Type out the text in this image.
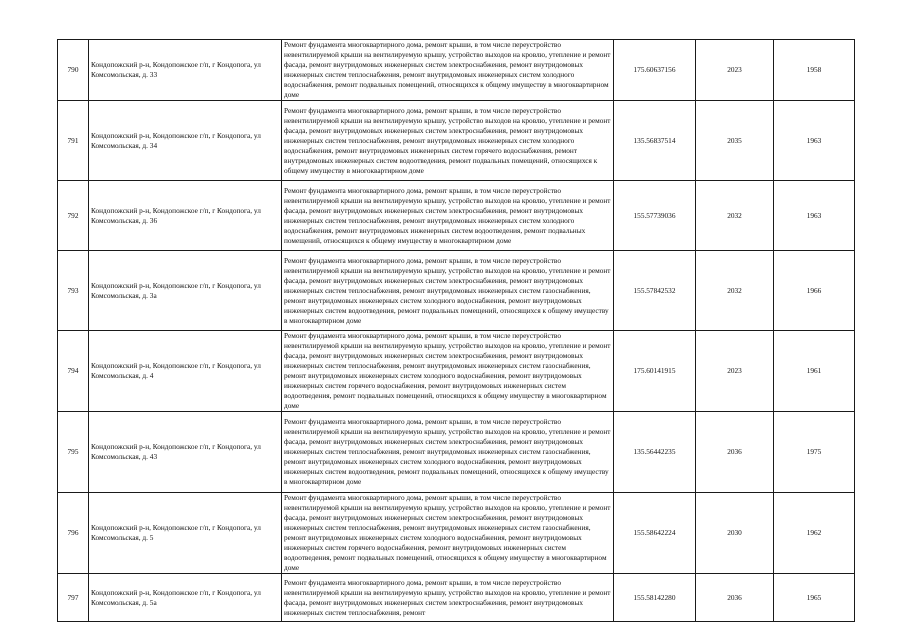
790	Кондопожский р-н, Кондопожское г/п, г Кондопога, ул Комсомольская, д. 33	Ремонт фундамента многоквартирного дома, ремонт крыши, в том числе переустройство невентилируемой крыши на вентилируемую крышу, устройство выходов на кровлю, утепление и ремонт фасада, ремонт внутридомовых инженерных систем электроснабжения, ремонт внутридомовых инженерных систем теплоснабжения, ремонт внутридомовых инженерных систем холодного водоснабжения, ремонт подвальных помещений, относящихся к общему имуществу в многоквартирном доме	175.60637156	2023	1958
791	Кондопожский р-н, Кондопожское г/п, г Кондопога, ул Комсомольская, д. 34	Ремонт фундамента многоквартирного дома, ремонт крыши, в том числе переустройство невентилируемой крыши на вентилируемую крышу, устройство выходов на кровлю, утепление и ремонт фасада, ремонт внутридомовых инженерных систем электроснабжения, ремонт внутридомовых инженерных систем теплоснабжения, ремонт внутридомовых инженерных систем холодного водоснабжения, ремонт внутридомовых инженерных систем горячего водоснабжения, ремонт внутридомовых инженерных систем водоотведения, ремонт подвальных помещений, относящихся к общему имуществу в многоквартирном доме	135.56837514	2035	1963
792	Кондопожский р-н, Кондопожское г/п, г Кондопога, ул Комсомольская, д. 36	Ремонт фундамента многоквартирного дома, ремонт крыши, в том числе переустройство невентилируемой крыши на вентилируемую крышу, устройство выходов на кровлю, утепление и ремонт фасада, ремонт внутридомовых инженерных систем электроснабжения, ремонт внутридомовых инженерных систем теплоснабжения, ремонт внутридомовых инженерных систем холодного водоснабжения, ремонт внутридомовых инженерных систем водоотведения, ремонт подвальных помещений, относящихся к общему имуществу в многоквартирном доме	155.57739036	2032	1963
793	Кондопожский р-н, Кондопожское г/п, г Кондопога, ул Комсомольская, д. 3а	Ремонт фундамента многоквартирного дома, ремонт крыши, в том числе переустройство невентилируемой крыши на вентилируемую крышу, устройство выходов на кровлю, утепление и ремонт фасада, ремонт внутридомовых инженерных систем электроснабжения, ремонт внутридомовых инженерных систем теплоснабжения, ремонт внутридомовых инженерных систем газоснабжения, ремонт внутридомовых инженерных систем холодного водоснабжения, ремонт внутридомовых инженерных систем водоотведения, ремонт подвальных помещений, относящихся к общему имуществу в многоквартирном доме	155.57842532	2032	1966
794	Кондопожский р-н, Кондопожское г/п, г Кондопога, ул Комсомольская, д. 4	Ремонт фундамента многоквартирного дома, ремонт крыши, в том числе переустройство невентилируемой крыши на вентилируемую крышу, устройство выходов на кровлю, утепление и ремонт фасада, ремонт внутридомовых инженерных систем электроснабжения, ремонт внутридомовых инженерных систем теплоснабжения, ремонт внутридомовых инженерных систем газоснабжения, ремонт внутридомовых инженерных систем холодного водоснабжения, ремонт внутридомовых инженерных систем горячего водоснабжения, ремонт внутридомовых инженерных систем водоотведения, ремонт подвальных помещений, относящихся к общему имуществу в многоквартирном доме	175.60141915	2023	1961
795	Кондопожский р-н, Кондопожское г/п, г Кондопога, ул Комсомольская, д. 43	Ремонт фундамента многоквартирного дома, ремонт крыши, в том числе переустройство невентилируемой крыши на вентилируемую крышу, устройство выходов на кровлю, утепление и ремонт фасада, ремонт внутридомовых инженерных систем электроснабжения, ремонт внутридомовых инженерных систем теплоснабжения, ремонт внутридомовых инженерных систем газоснабжения, ремонт внутридомовых инженерных систем холодного водоснабжения, ремонт внутридомовых инженерных систем водоотведения, ремонт подвальных помещений, относящихся к общему имуществу в многоквартирном доме	135.56442235	2036	1975
796	Кондопожский р-н, Кондопожское г/п, г Кондопога, ул Комсомольская, д. 5	Ремонт фундамента многоквартирного дома, ремонт крыши, в том числе переустройство невентилируемой крыши на вентилируемую крышу, устройство выходов на кровлю, утепление и ремонт фасада, ремонт внутридомовых инженерных систем электроснабжения, ремонт внутридомовых инженерных систем теплоснабжения, ремонт внутридомовых инженерных систем газоснабжения, ремонт внутридомовых инженерных систем холодного водоснабжения, ремонт внутридомовых инженерных систем горячего водоснабжения, ремонт внутридомовых инженерных систем водоотведения, ремонт подвальных помещений, относящихся к общему имуществу в многоквартирном доме	155.58642224	2030	1962
797	Кондопожский р-н, Кондопожское г/п, г Кондопога, ул Комсомольская, д. 5а	Ремонт фундамента многоквартирного дома, ремонт крыши, в том числе переустройство невентилируемой крыши на вентилируемую крышу, устройство выходов на кровлю, утепление и ремонт фасада, ремонт внутридомовых инженерных систем электроснабжения, ремонт внутридомовых инженерных систем теплоснабжения, ремонт	155.58142280	2036	1965
